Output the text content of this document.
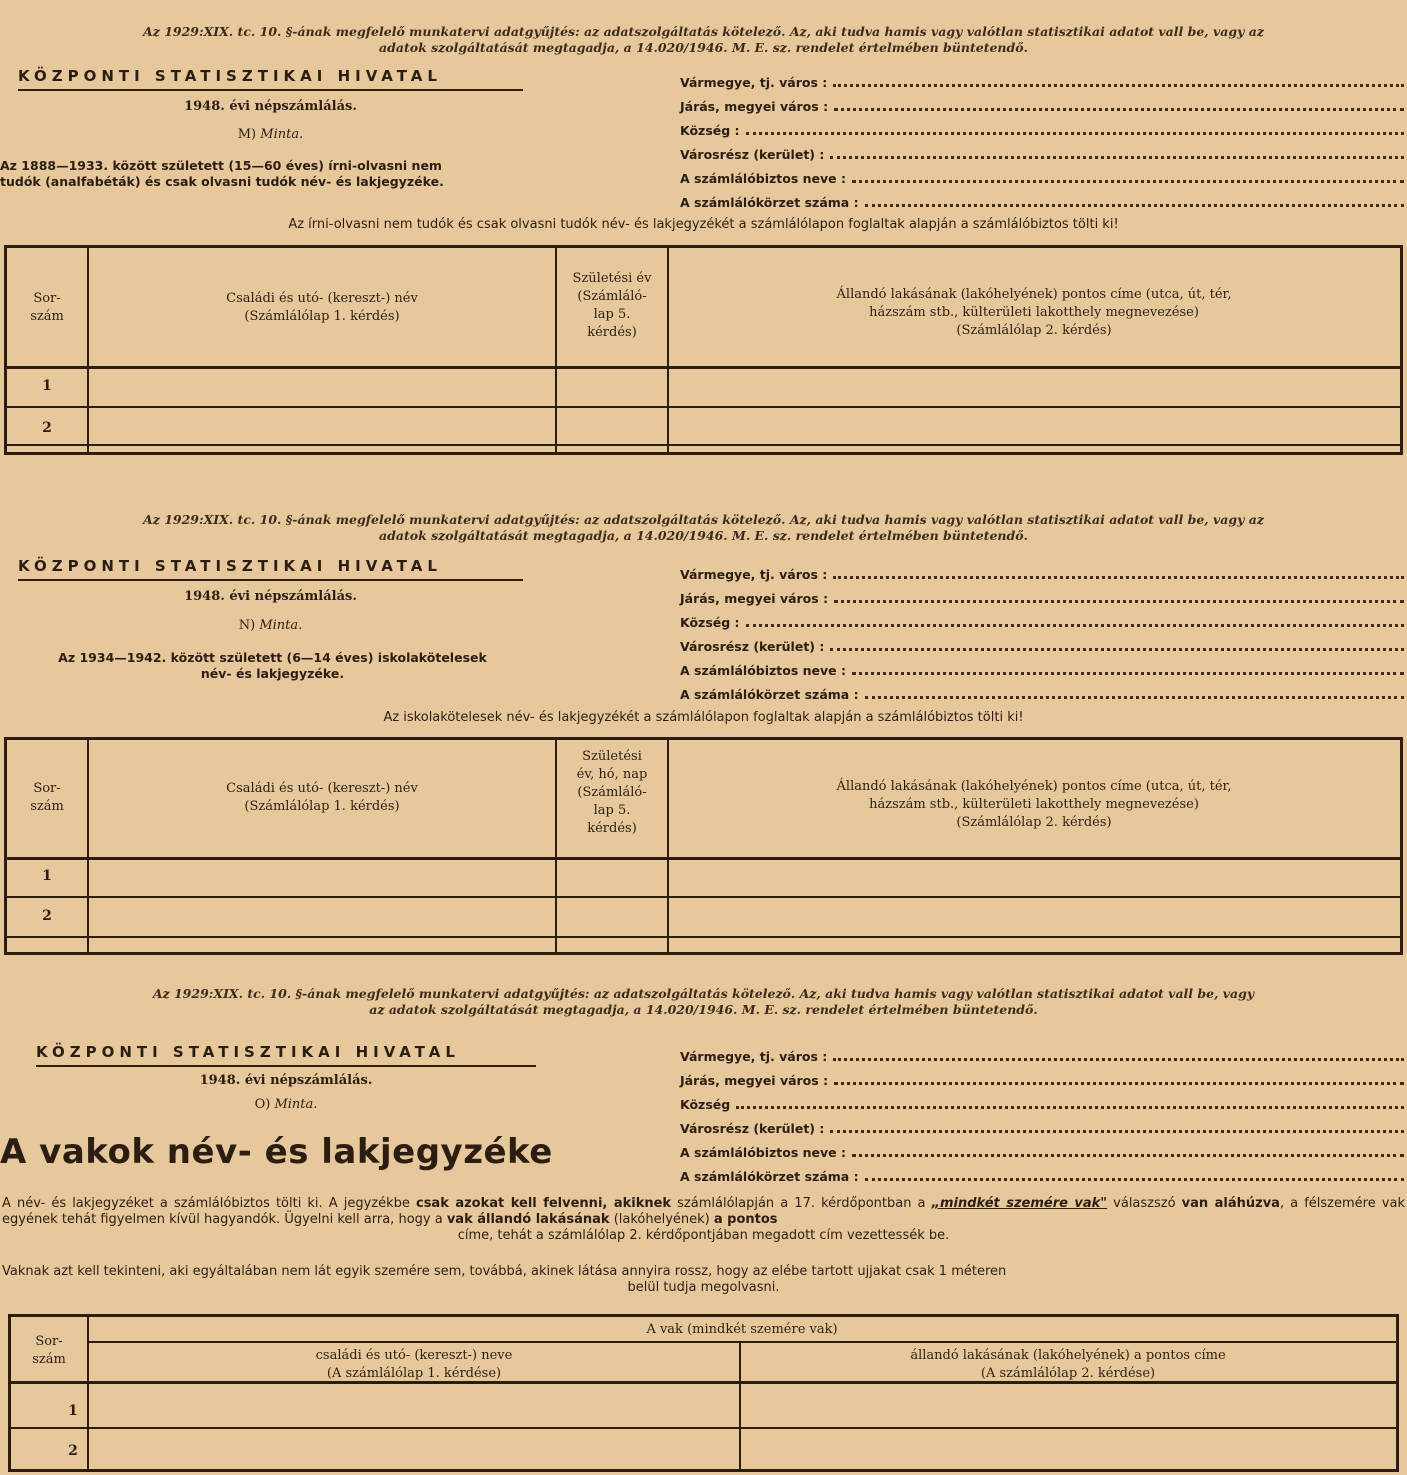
Az 1929:XIX. tc. 10. §-ának megfelelő munkatervi adatgyűjtés: az adatszolgáltatás kötelező. Az, aki tudva hamis vagy valótlan statisztikai adatot vall be, vagy az
adatok szolgáltatását megtagadja, a 14.020/1946. M. E. sz. rendelet értelmében büntetendő.
KÖZPONTI STATISZTIKAI HIVATAL
1948. évi népszámlálás.
M) Minta.
Az 1888—1933. között született (15—60 éves) írni-olvasni nem
tudók (analfabéták) és csak olvasni tudók név- és lakjegyzéke.
Vármegye, tj. város :
Járás, megyei város :
Község :
Városrész (kerület) :
A számlálóbiztos neve :
A számlálókörzet száma :
Az írni-olvasni nem tudók és csak olvasni tudók név- és lakjegyzékét a számlálólapon foglaltak alapján a számlálóbiztos tölti ki!
Sor-
szám
Családi és utó- (kereszt-) név
(Számlálólap 1. kérdés)
Születési év
(Számláló-
lap 5.
kérdés)
Állandó lakásának (lakóhelyének) pontos címe (utca, út, tér,
házszám stb., külterületi lakotthely megnevezése)
(Számlálólap 2. kérdés)
1
2
Az 1929:XIX. tc. 10. §-ának megfelelő munkatervi adatgyűjtés: az adatszolgáltatás kötelező. Az, aki tudva hamis vagy valótlan statisztikai adatot vall be, vagy az
adatok szolgáltatását megtagadja, a 14.020/1946. M. E. sz. rendelet értelmében büntetendő.
KÖZPONTI STATISZTIKAI HIVATAL
1948. évi népszámlálás.
N) Minta.
Az 1934—1942. között született (6—14 éves) iskolakötelesek
név- és lakjegyzéke.
Vármegye, tj. város :
Járás, megyei város :
Község :
Városrész (kerület) :
A számlálóbiztos neve :
A számlálókörzet száma :
Az iskolakötelesek név- és lakjegyzékét a számlálólapon foglaltak alapján a számlálóbiztos tölti ki!
Sor-
szám
Családi és utó- (kereszt-) név
(Számlálólap 1. kérdés)
Születési
év, hó, nap
(Számláló-
lap 5.
kérdés)
Állandó lakásának (lakóhelyének) pontos címe (utca, út, tér,
házszám stb., külterületi lakotthely megnevezése)
(Számlálólap 2. kérdés)
1
2
Az 1929:XIX. tc. 10. §-ának megfelelő munkatervi adatgyűjtés: az adatszolgáltatás kötelező. Az, aki tudva hamis vagy valótlan statisztikai adatot vall be, vagy
az adatok szolgáltatását megtagadja, a 14.020/1946. M. E. sz. rendelet értelmében büntetendő.
KÖZPONTI STATISZTIKAI HIVATAL
1948. évi népszámlálás.
O) Minta.
A vakok név- és lakjegyzéke
Vármegye, tj. város :
Járás, megyei város :
Község
Városrész (kerület) :
A számlálóbiztos neve :
A számlálókörzet száma :
A név- és lakjegyzéket a számlálóbiztos tölti ki. A jegyzékbe csak azokat kell felvenni, akiknek számlálólapján a 17. kérdőpontban a „mindkét szemére vak" válaszszó van aláhúzva, a félszemére vak egyének tehát figyelmen kívül hagyandók. Ügyelni kell arra, hogy a vak állandó lakásának (lakóhelyének) a pontos
címe, tehát a számlálólap 2. kérdőpontjában megadott cím vezettessék be.
Vaknak azt kell tekinteni, aki egyáltalában nem lát egyik szemére sem, továbbá, akinek látása annyira rossz, hogy az elébe tartott ujjakat csak 1 méteren
belül tudja megolvasni.
Sor-
szám
A vak (mindkét szemére vak)
családi és utó- (kereszt-) neve
(A számlálólap 1. kérdése)
állandó lakásának (lakóhelyének) a pontos címe
(A számlálólap 2. kérdése)
1
2
